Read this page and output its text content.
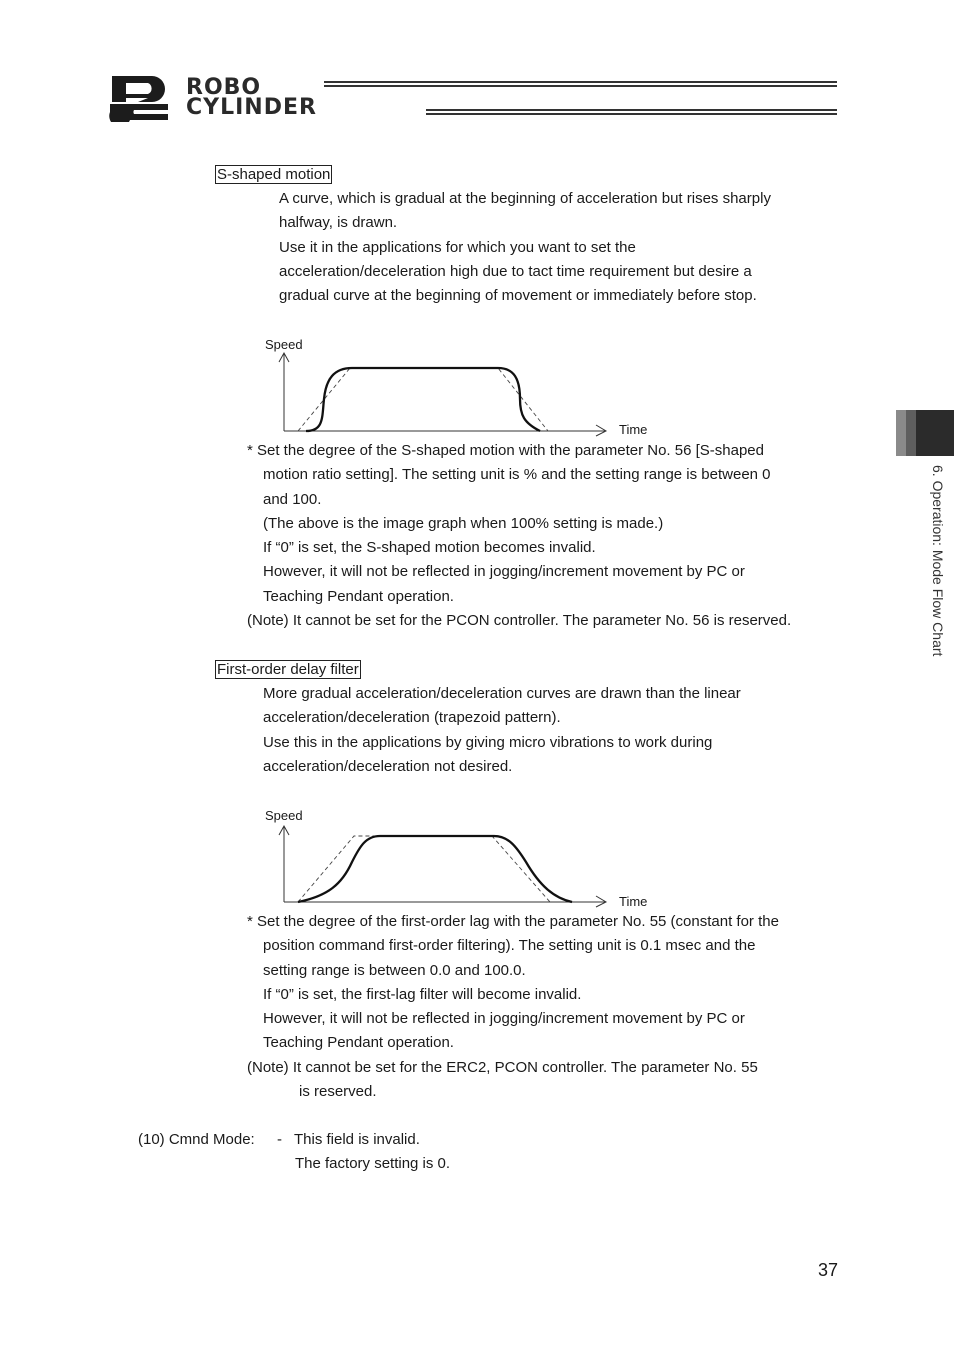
ROBO
CYLINDER
6. Operation: Mode Flow Chart
S-shaped motion
A curve, which is gradual at the beginning of acceleration but rises sharply
halfway, is drawn.
Use it in the applications for which you want to set the
acceleration/deceleration high due to tact time requirement but desire a
gradual curve at the beginning of movement or immediately before stop.
Speed
Time
* Set the degree of the S-shaped motion with the parameter No. 56 [S-shaped
motion ratio setting]. The setting unit is % and the setting range is between 0
and 100.
(The above is the image graph when 100% setting is made.)
If “0” is set, the S-shaped motion becomes invalid.
However, it will not be reflected in jogging/increment movement by PC or
Teaching Pendant operation.
(Note) It cannot be set for the PCON controller. The parameter No. 56 is reserved.
First-order delay filter
More gradual acceleration/deceleration curves are drawn than the linear
acceleration/deceleration (trapezoid pattern).
Use this in the applications by giving micro vibrations to work during
acceleration/deceleration not desired.
Speed
Time
* Set the degree of the first-order lag with the parameter No. 55 (constant for the
position command first-order filtering). The setting unit is 0.1 msec and the
setting range is between 0.0 and 100.0.
If “0” is set, the first-lag filter will become invalid.
However, it will not be reflected in jogging/increment movement by PC or
Teaching Pendant operation.
(Note) It cannot be set for the ERC2, PCON controller. The parameter No. 55
is reserved.
(10) Cmnd Mode: - This field is invalid.
The factory setting is 0.
37
